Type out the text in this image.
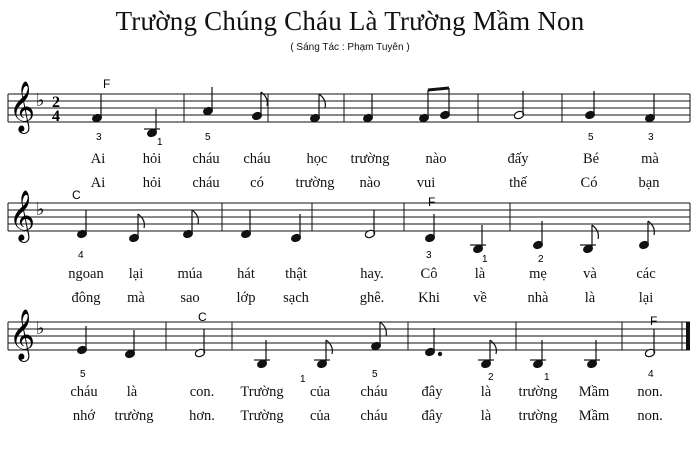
Trường Chúng Cháu Là Trường Mầm Non
( Sáng Tác : Phạm Tuyên )
𝄞 ♭ 2
4
F
3	1	5	5	3
Ai	hỏi cháu cháu học trường nào	đấy	Bé	mà
Ai	hỏi cháu có trường nào	vui	thế	Có	bạn
𝄞 ♭
C	F
4	3	1	2
ngoan lại múa hát thật	hay.	Cô	là	mẹ	và	các
đông mà sao	lớp sạch	ghê. Khi về	nhà	là	lại
𝄞 ♭
C	F
5	1	5	2	1	4
cháu là	con. Trường của cháu đây	là trường Mầm non.
nhớ trường hơn. Trường của cháu đây	là trường Mầm non.
